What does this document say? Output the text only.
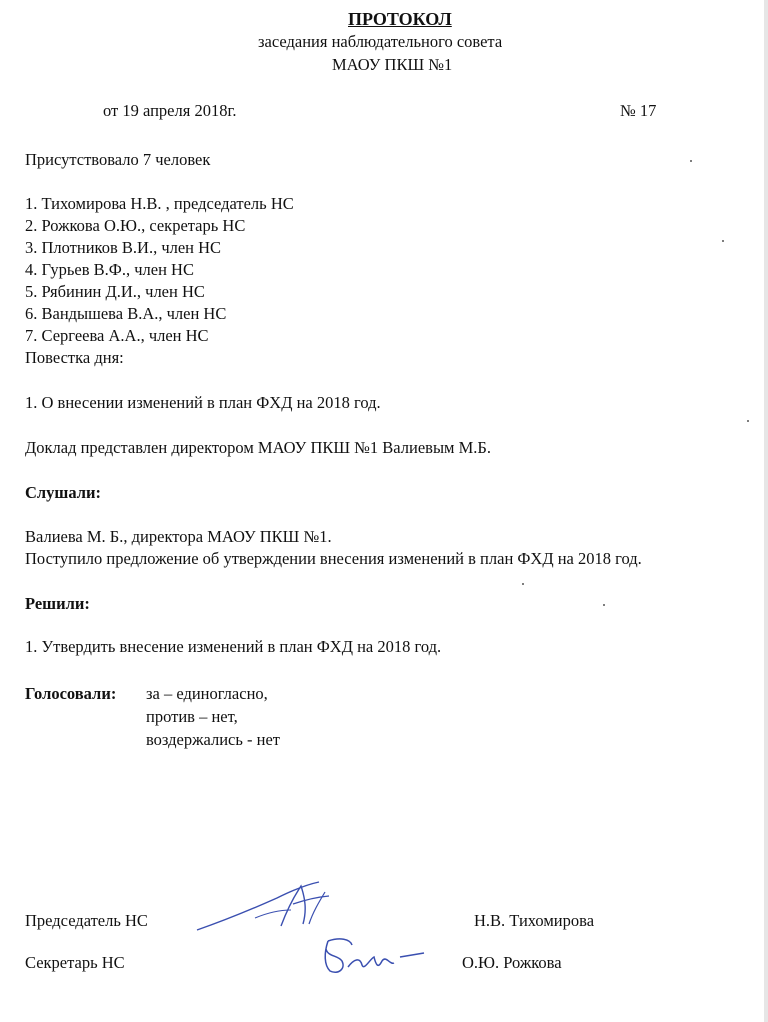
ПРОТОКОЛ
заседания наблюдательного совета
МАОУ ПКШ №1
от 19 апреля 2018г.	№ 17
Присутствовало 7 человек
1. Тихомирова Н.В. , председатель НС
2. Рожкова О.Ю., секретарь НС
3. Плотников В.И., член НС
4. Гурьев В.Ф., член НС
5. Рябинин Д.И., член НС
6. Вандышева В.А., член НС
7. Сергеева А.А., член НС
Повестка дня:
1. О внесении изменений в план ФХД на 2018 год.
Доклад представлен директором МАОУ ПКШ №1 Валиевым М.Б.
Слушали:
Валиева М. Б., директора МАОУ ПКШ №1.
Поступило предложение об утверждении внесения изменений в план ФХД на 2018 год.
Решили:
1. Утвердить внесение изменений в план ФХД на 2018 год.
Голосовали: за – единогласно,
против – нет,
воздержались - нет
Председатель НС	Н.В. Тихомирова
Секретарь НС	О.Ю. Рожкова
